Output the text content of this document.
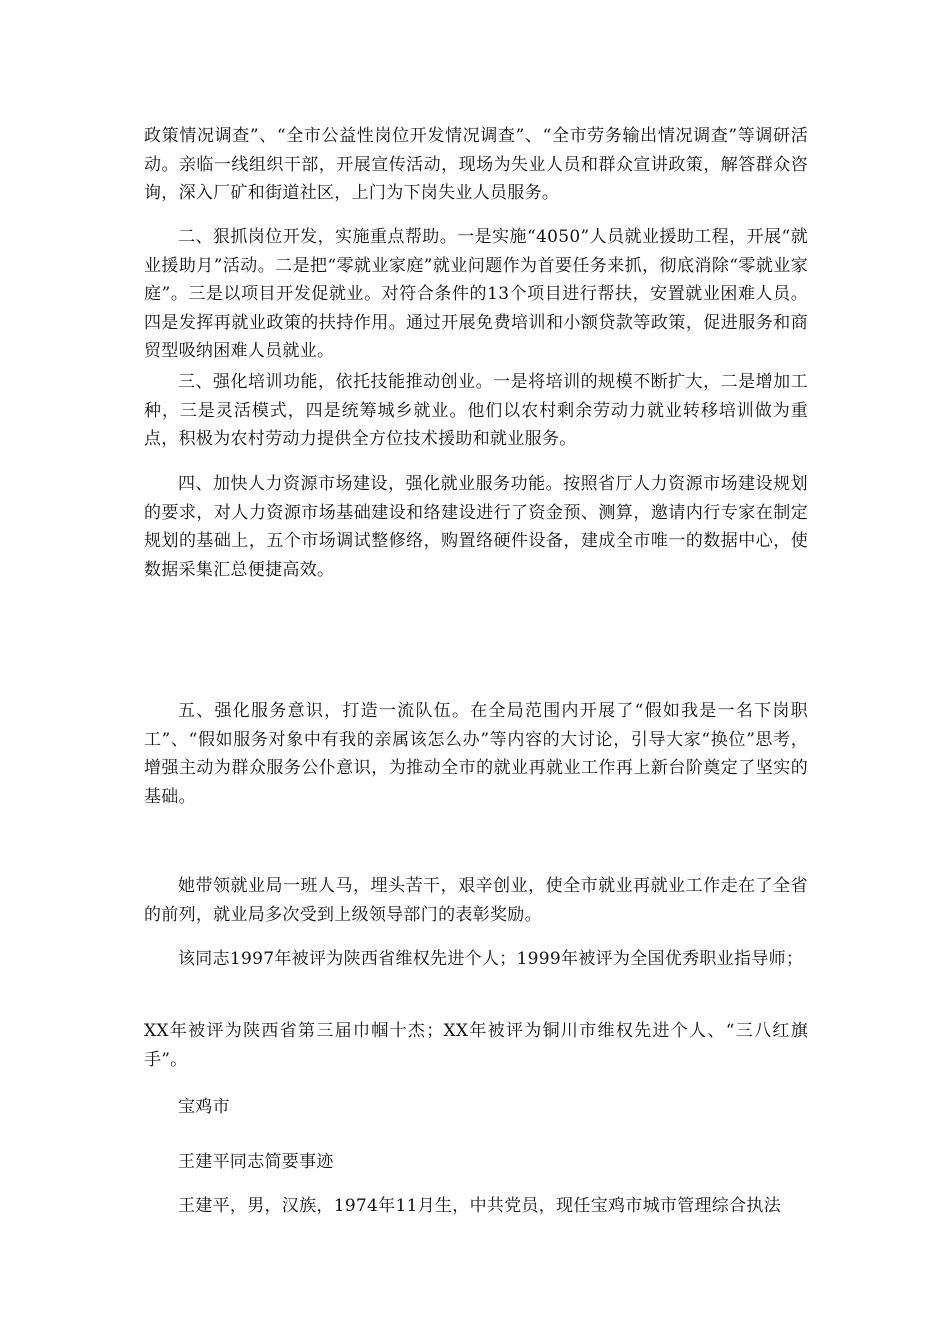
政策情况调查”、“全市公益性岗位开发情况调查”、“全市劳务输出情况调查”等调研活动。亲临一线组织干部，开展宣传活动，现场为失业人员和群众宣讲政策，解答群众咨询，深入厂矿和街道社区，上门为下岗失业人员服务。

二、狠抓岗位开发，实施重点帮助。一是实施“4050”人员就业援助工程，开展“就业援助月”活动。二是把“零就业家庭”就业问题作为首要任务来抓，彻底消除“零就业家庭”。三是以项目开发促就业。对符合条件的13个项目进行帮扶，安置就业困难人员。四是发挥再就业政策的扶持作用。通过开展免费培训和小额贷款等政策，促进服务和商贸型吸纳困难人员就业。

三、强化培训功能，依托技能推动创业。一是将培训的规模不断扩大，二是增加工种，三是灵活模式，四是统筹城乡就业。他们以农村剩余劳动力就业转移培训做为重点，积极为农村劳动力提供全方位技术援助和就业服务。

四、加快人力资源市场建设，强化就业服务功能。按照省厅人力资源市场建设规划的要求，对人力资源市场基础建设和络建设进行了资金预、测算，邀请内行专家在制定规划的基础上，五个市场调试整修络，购置络硬件设备，建成全市唯一的数据中心，使数据采集汇总便捷高效。

五、强化服务意识，打造一流队伍。在全局范围内开展了“假如我是一名下岗职工”、“假如服务对象中有我的亲属该怎么办”等内容的大讨论，引导大家“换位”思考，增强主动为群众服务公仆意识，为推动全市的就业再就业工作再上新台阶奠定了坚实的基础。

她带领就业局一班人马，埋头苦干，艰辛创业，使全市就业再就业工作走在了全省的前列，就业局多次受到上级领导部门的表彰奖励。

该同志1997年被评为陕西省维权先进个人；1999年被评为全国优秀职业指导师；

XX年被评为陕西省第三届巾帼十杰；XX年被评为铜川市维权先进个人、“三八红旗手”。

宝鸡市

王建平同志简要事迹

王建平，男，汉族，1974年11月生，中共党员，现任宝鸡市城市管理综合执法
